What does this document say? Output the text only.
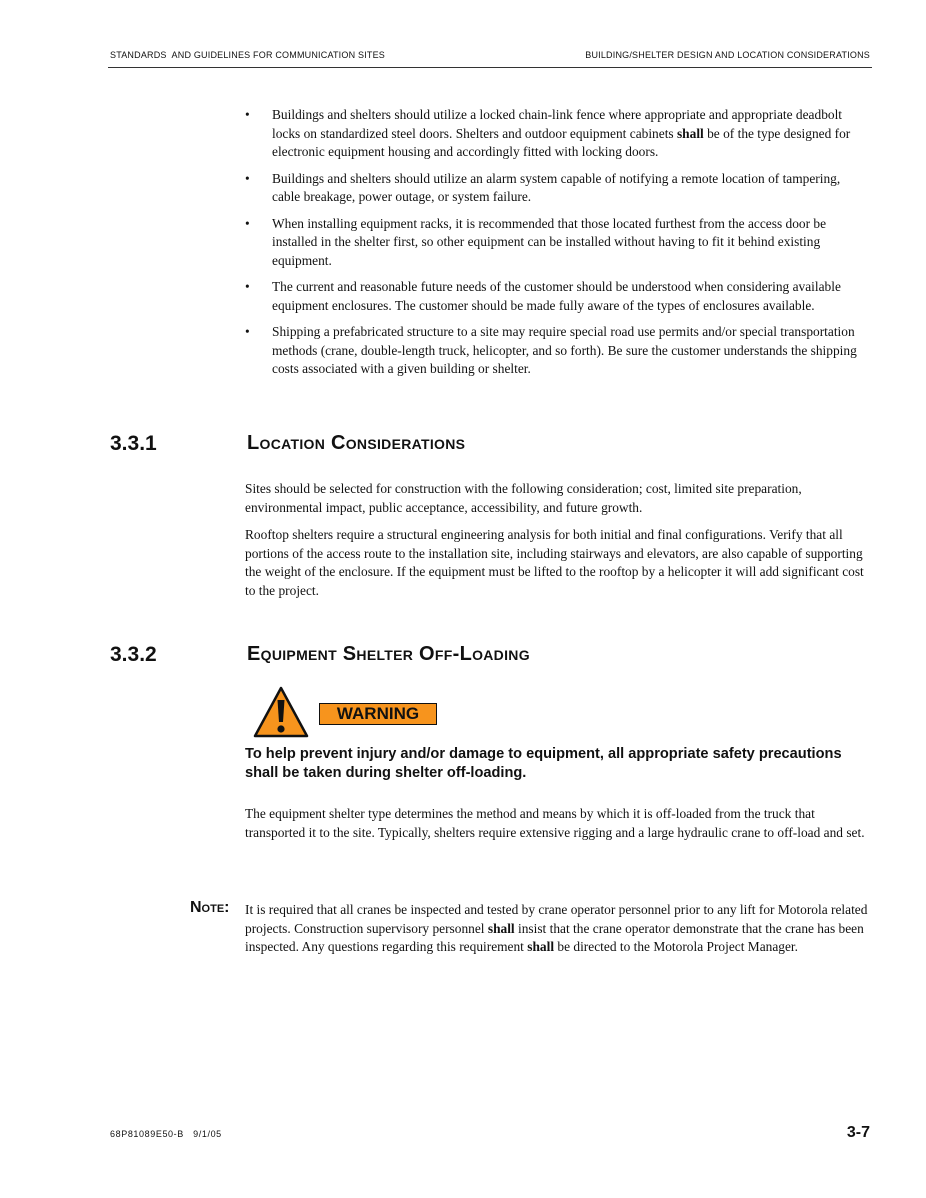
STANDARDS  AND GUIDELINES FOR COMMUNICATION SITES	BUILDING/SHELTER DESIGN AND LOCATION CONSIDERATIONS
• Buildings and shelters should utilize a locked chain-link fence where appropriate and appropriate deadbolt locks on standardized steel doors. Shelters and outdoor equipment cabinets shall be of the type designed for electronic equipment housing and accordingly fitted with locking doors.
• Buildings and shelters should utilize an alarm system capable of notifying a remote location of tampering, cable breakage, power outage, or system failure.
• When installing equipment racks, it is recommended that those located furthest from the access door be installed in the shelter first, so other equipment can be installed without having to fit it behind existing equipment.
• The current and reasonable future needs of the customer should be understood when considering available equipment enclosures. The customer should be made fully aware of the types of enclosures available.
• Shipping a prefabricated structure to a site may require special road use permits and/or special transportation methods (crane, double-length truck, helicopter, and so forth). Be sure the customer understands the shipping costs associated with a given building or shelter.
3.3.1	Location Considerations

Sites should be selected for construction with the following consideration; cost, limited site preparation, environmental impact, public acceptance, accessibility, and future growth.

Rooftop shelters require a structural engineering analysis for both initial and final configurations. Verify that all portions of the access route to the installation site, including stairways and elevators, are also capable of supporting the weight of the enclosure. If the equipment must be lifted to the rooftop by a helicopter it will add significant cost to the project.

3.3.2	Equipment Shelter Off-Loading
WARNING

To help prevent injury and/or damage to equipment, all appropriate safety precautions shall be taken during shelter off-loading.

The equipment shelter type determines the method and means by which it is off-loaded from the truck that transported it to the site. Typically, shelters require extensive rigging and a large hydraulic crane to off-load and set.

Note: It is required that all cranes be inspected and tested by crane operator personnel prior to any lift for Motorola related projects. Construction supervisory personnel shall insist that the crane operator demonstrate that the crane has been inspected. Any questions regarding this requirement shall be directed to the Motorola Project Manager.

68P81089E50-B   9/1/05	3-7
